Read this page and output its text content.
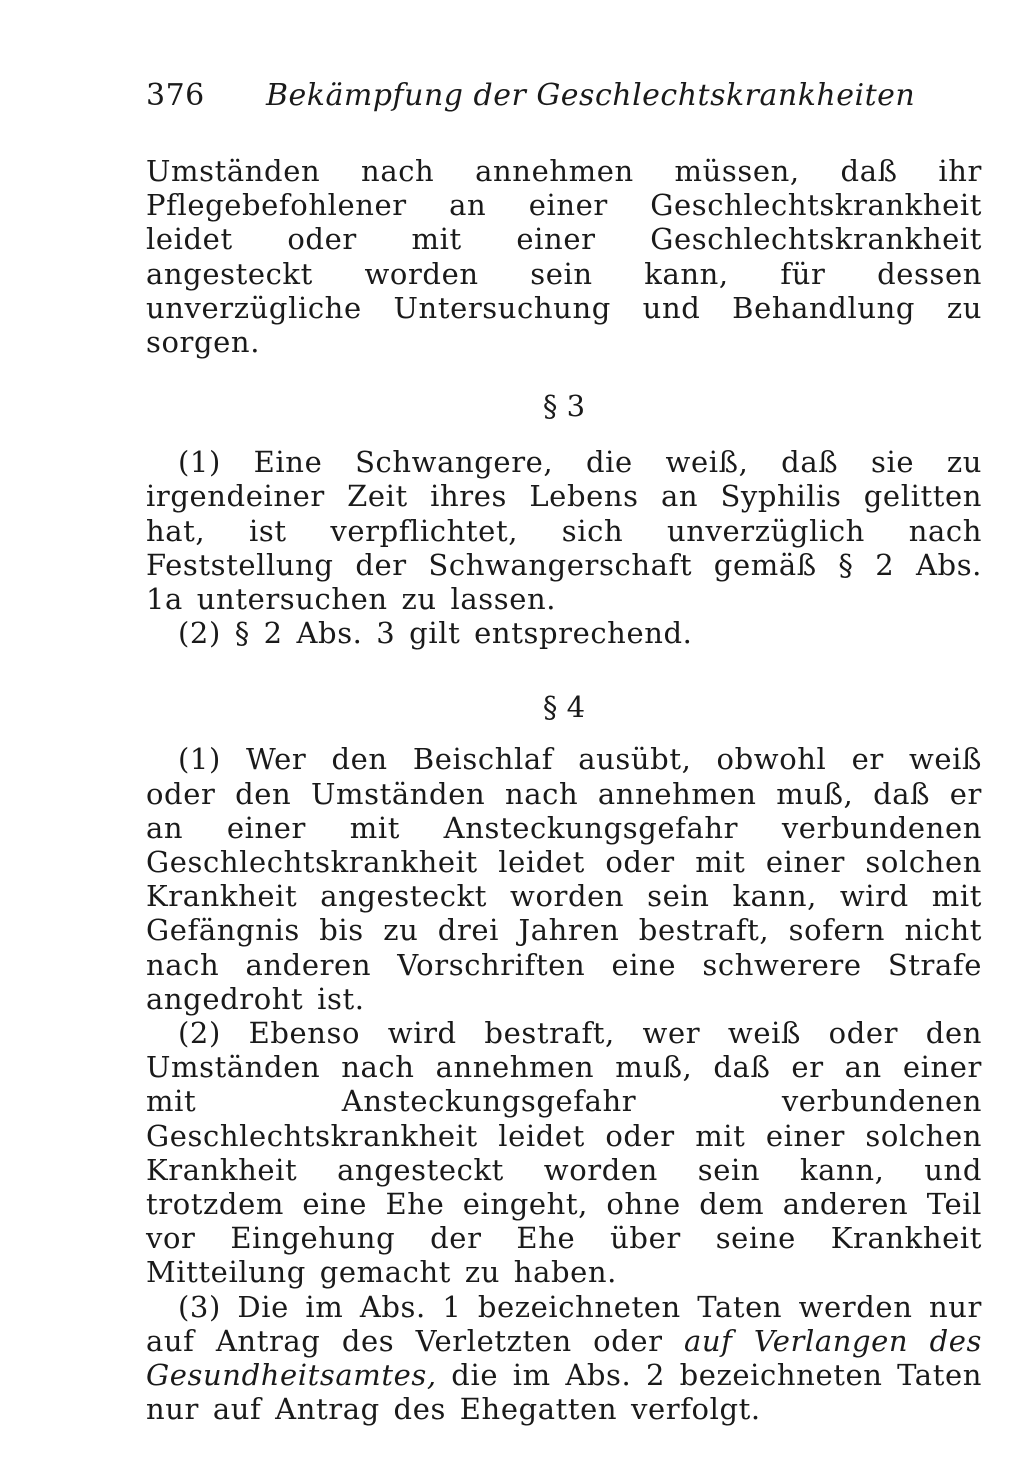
376	Bekämpfung der Geschlechtskrankheiten

Umständen nach annehmen müssen, daß ihr Pflegebefohlener an einer Geschlechtskrankheit leidet oder mit einer Geschlechtskrankheit angesteckt worden sein kann, für dessen unverzügliche Untersuchung und Behandlung zu sorgen.

§ 3

(1) Eine Schwangere, die weiß, daß sie zu irgendeiner Zeit ihres Lebens an Syphilis gelitten hat, ist verpflichtet, sich unverzüglich nach Feststellung der Schwangerschaft gemäß § 2 Abs. 1a untersuchen zu lassen.

(2) § 2 Abs. 3 gilt entsprechend.

§ 4

(1) Wer den Beischlaf ausübt, obwohl er weiß oder den Umständen nach annehmen muß, daß er an einer mit Ansteckungsgefahr verbundenen Geschlechtskrankheit leidet oder mit einer solchen Krankheit angesteckt worden sein kann, wird mit Gefängnis bis zu drei Jahren bestraft, sofern nicht nach anderen Vorschriften eine schwerere Strafe angedroht ist.

(2) Ebenso wird bestraft, wer weiß oder den Umständen nach annehmen muß, daß er an einer mit Ansteckungsgefahr verbundenen Geschlechtskrankheit leidet oder mit einer solchen Krankheit angesteckt worden sein kann, und trotzdem eine Ehe eingeht, ohne dem anderen Teil vor Eingehung der Ehe über seine Krankheit Mitteilung gemacht zu haben.

(3) Die im Abs. 1 bezeichneten Taten werden nur auf Antrag des Verletzten oder auf Verlangen des Gesundheitsamtes, die im Abs. 2 bezeichneten Taten nur auf Antrag des Ehegatten verfolgt.
